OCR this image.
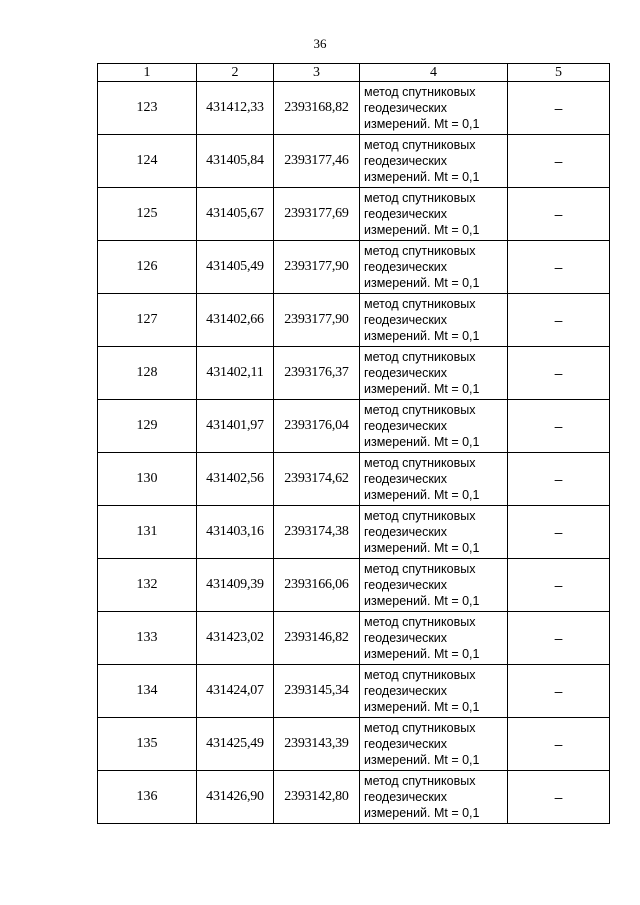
36
1	2	3	4	5
123	431412,33	2393168,82	метод спутниковых геодезических измерений. Mt = 0,1	–
124	431405,84	2393177,46	метод спутниковых геодезических измерений. Mt = 0,1	–
125	431405,67	2393177,69	метод спутниковых геодезических измерений. Mt = 0,1	–
126	431405,49	2393177,90	метод спутниковых геодезических измерений. Mt = 0,1	–
127	431402,66	2393177,90	метод спутниковых геодезических измерений. Mt = 0,1	–
128	431402,11	2393176,37	метод спутниковых геодезических измерений. Mt = 0,1	–
129	431401,97	2393176,04	метод спутниковых геодезических измерений. Mt = 0,1	–
130	431402,56	2393174,62	метод спутниковых геодезических измерений. Mt = 0,1	–
131	431403,16	2393174,38	метод спутниковых геодезических измерений. Mt = 0,1	–
132	431409,39	2393166,06	метод спутниковых геодезических измерений. Mt = 0,1	–
133	431423,02	2393146,82	метод спутниковых геодезических измерений. Mt = 0,1	–
134	431424,07	2393145,34	метод спутниковых геодезических измерений. Mt = 0,1	–
135	431425,49	2393143,39	метод спутниковых геодезических измерений. Mt = 0,1	–
136	431426,90	2393142,80	метод спутниковых геодезических измерений. Mt = 0,1	–
